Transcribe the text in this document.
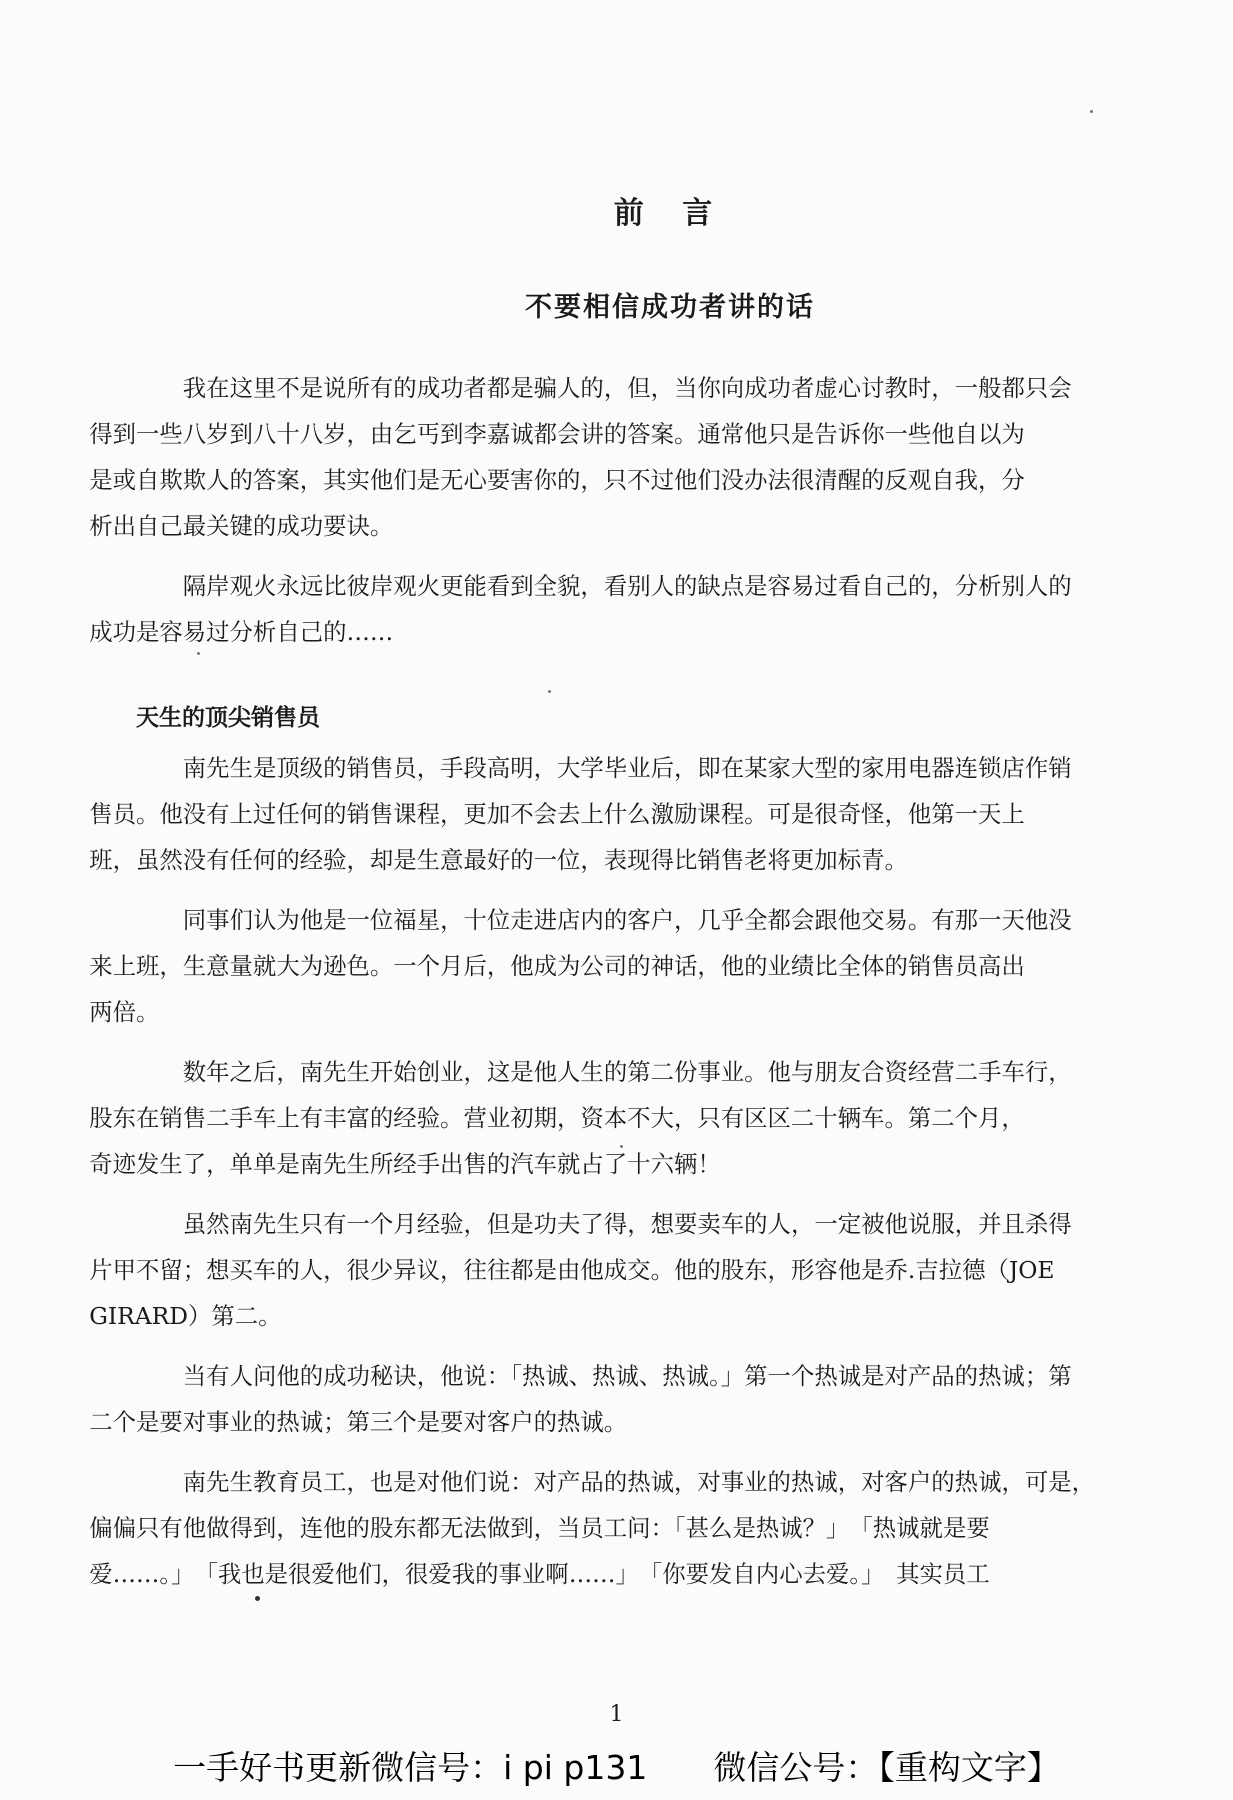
前 言
不要相信成功者讲的话

我在这里不是说所有的成功者都是骗人的，但，当你向成功者虚心讨教时，一般都只会
得到一些八岁到八十八岁，由乞丐到李嘉诚都会讲的答案。通常他只是告诉你一些他自以为
是或自欺欺人的答案，其实他们是无心要害你的，只不过他们没办法很清醒的反观自我，分
析出自己最关键的成功要诀。

隔岸观火永远比彼岸观火更能看到全貌，看别人的缺点是容易过看自己的，分析别人的
成功是容易过分析自己的……

天生的顶尖销售员

南先生是顶级的销售员，手段高明，大学毕业后，即在某家大型的家用电器连锁店作销
售员。他没有上过任何的销售课程，更加不会去上什么激励课程。可是很奇怪，他第一天上
班，虽然没有任何的经验，却是生意最好的一位，表现得比销售老将更加标青。

同事们认为他是一位福星，十位走进店内的客户，几乎全都会跟他交易。有那一天他没
来上班，生意量就大为逊色。一个月后，他成为公司的神话，他的业绩比全体的销售员高出
两倍。

数年之后，南先生开始创业，这是他人生的第二份事业。他与朋友合资经营二手车行，
股东在销售二手车上有丰富的经验。营业初期，资本不大，只有区区二十辆车。第二个月，
奇迹发生了，单单是南先生所经手出售的汽车就占了十六辆！

虽然南先生只有一个月经验，但是功夫了得，想要卖车的人，一定被他说服，并且杀得
片甲不留；想买车的人，很少异议，往往都是由他成交。他的股东，形容他是乔.吉拉德（JOE
GIRARD）第二。

当有人问他的成功秘诀，他说：「热诚、热诚、热诚。」第一个热诚是对产品的热诚；第
二个是要对事业的热诚；第三个是要对客户的热诚。

南先生教育员工，也是对他们说：对产品的热诚，对事业的热诚，对客户的热诚，可是，
偏偏只有他做得到，连他的股东都无法做到，当员工问：「甚么是热诚？」　「热诚就是要
爱……。」　「我也是很爱他们，很爱我的事业啊……」　「你要发自内心去爱。」　其实员工

1
一手好书更新微信号：i pi p131　　微信公号：【重构文字】
